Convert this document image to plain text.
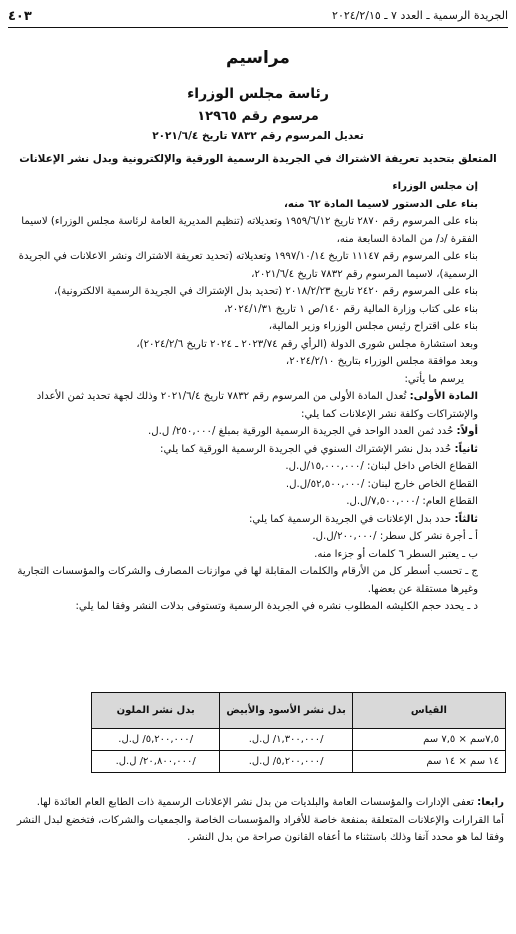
الجريدة الرسمية ـ العدد ٧ ـ ٢٠٢٤/٢/١٥
٤٠٣
مراسيم
رئاسة مجلس الوزراء
مرسوم رقم ١٢٩٦٥
تعديل المرسوم رقم ٧٨٣٢ تاريخ ٢٠٢١/٦/٤
المتعلق بتحديد تعريفة الاشتراك في الجريدة الرسمية الورقية والإلكترونية وبدل نشر الإعلانات

إن مجلس الوزراء

بناء على الدستور لاسيما المادة ٦٢ منه،

بناء على المرسوم رقم ٢٨٧٠ تاريخ ١٩٥٩/٦/١٢ وتعديلاته (تنظيم المديرية العامة لرئاسة مجلس الوزراء) لاسيما الفقرة /د/ من المادة السابعة منه،

بناء على المرسوم رقم ١١١٤٧ تاريخ ١٩٩٧/١٠/١٤ وتعديلاته (تحديد تعريفة الاشتراك ونشر الاعلانات في الجريدة الرسمية)، لاسيما المرسوم رقم ٧٨٣٢ تاريخ ٢٠٢١/٦/٤،

بناء على المرسوم رقم ٢٤٢٠ تاريخ ٢٠١٨/٢/٢٣ (تحديد بدل الإشتراك في الجريدة الرسمية الالكترونية)،

بناء على كتاب وزارة المالية رقم ١٤٠/ص ١ تاريخ ٢٠٢٤/١/٣١،

بناء على اقتراح رئيس مجلس الوزراء وزير المالية،

وبعد استشارة مجلس شورى الدولة (الرأي رقم ٢٠٢٣/٧٤ ـ ٢٠٢٤ تاريخ ٢٠٢٤/٢/٦)،

وبعد موافقة مجلس الوزراء بتاريخ ٢٠٢٤/٢/١٠،

يرسم ما يأتي:

المادة الأولى: تُعدل المادة الأولى من المرسوم رقم ٧٨٣٢ تاريخ ٢٠٢١/٦/٤ وذلك لجهة تحديد ثمن الأعداد والإشتراكات وكلفة نشر الإعلانات كما يلي:

أولاً: حُدد ثمن العدد الواحد في الجريدة الرسمية الورقية بمبلغ /٢٥٠,٠٠٠/ ل.ل.

ثانياً: حُدد بدل نشر الإشتراك السنوي في الجريدة الرسمية الورقية كما يلي:

القطاع الخاص داخل لبنان: /١٥,٠٠٠,٠٠٠/ل.ل.

القطاع الخاص خارج لبنان: /٥٢,٥٠٠,٠٠٠/ل.ل.

القطاع العام: /٧,٥٠٠,٠٠٠/ل.ل.

ثالثاً: حدد بدل الإعلانات في الجريدة الرسمية كما يلي:

أ ـ أجرة نشر كل سطر: /٢٠٠,٠٠٠/ل.ل.

ب ـ يعتبر السطر ٦ كلمات أو جزءا منه.

ج ـ تحسب أسطر كل من الأرقام والكلمات المقابلة لها في موازنات المصارف والشركات والمؤسسات التجارية وغيرها مستقلة عن بعضها.

د ـ يحدد حجم الكليشه المطلوب نشره في الجريدة الرسمية وتستوفى بدلات النشر وفقا لما يلي:

القياس	بدل نشر الأسود والأبيض	بدل نشر الملون
٧,٥سم × ٧,٥ سم	/١,٣٠٠,٠٠٠/ ل.ل.	/٥,٢٠٠,٠٠٠/ ل.ل.
١٤ سم × ١٤ سم	/٥,٢٠٠,٠٠٠/ ل.ل.	/٢٠,٨٠٠,٠٠٠/ ل.ل.

رابعا: تعفى الإدارات والمؤسسات العامة والبلديات من بدل نشر الإعلانات الرسمية ذات الطابع العام العائدة لها.

أما القرارات والإعلانات المتعلقة بمنفعة خاصة للأفراد والمؤسسات الخاصة والجمعيات والشركات، فتخضع لبدل النشر وفقا لما هو محدد آنفا وذلك باستثناء ما أعفاه القانون صراحة من بدل النشر.
